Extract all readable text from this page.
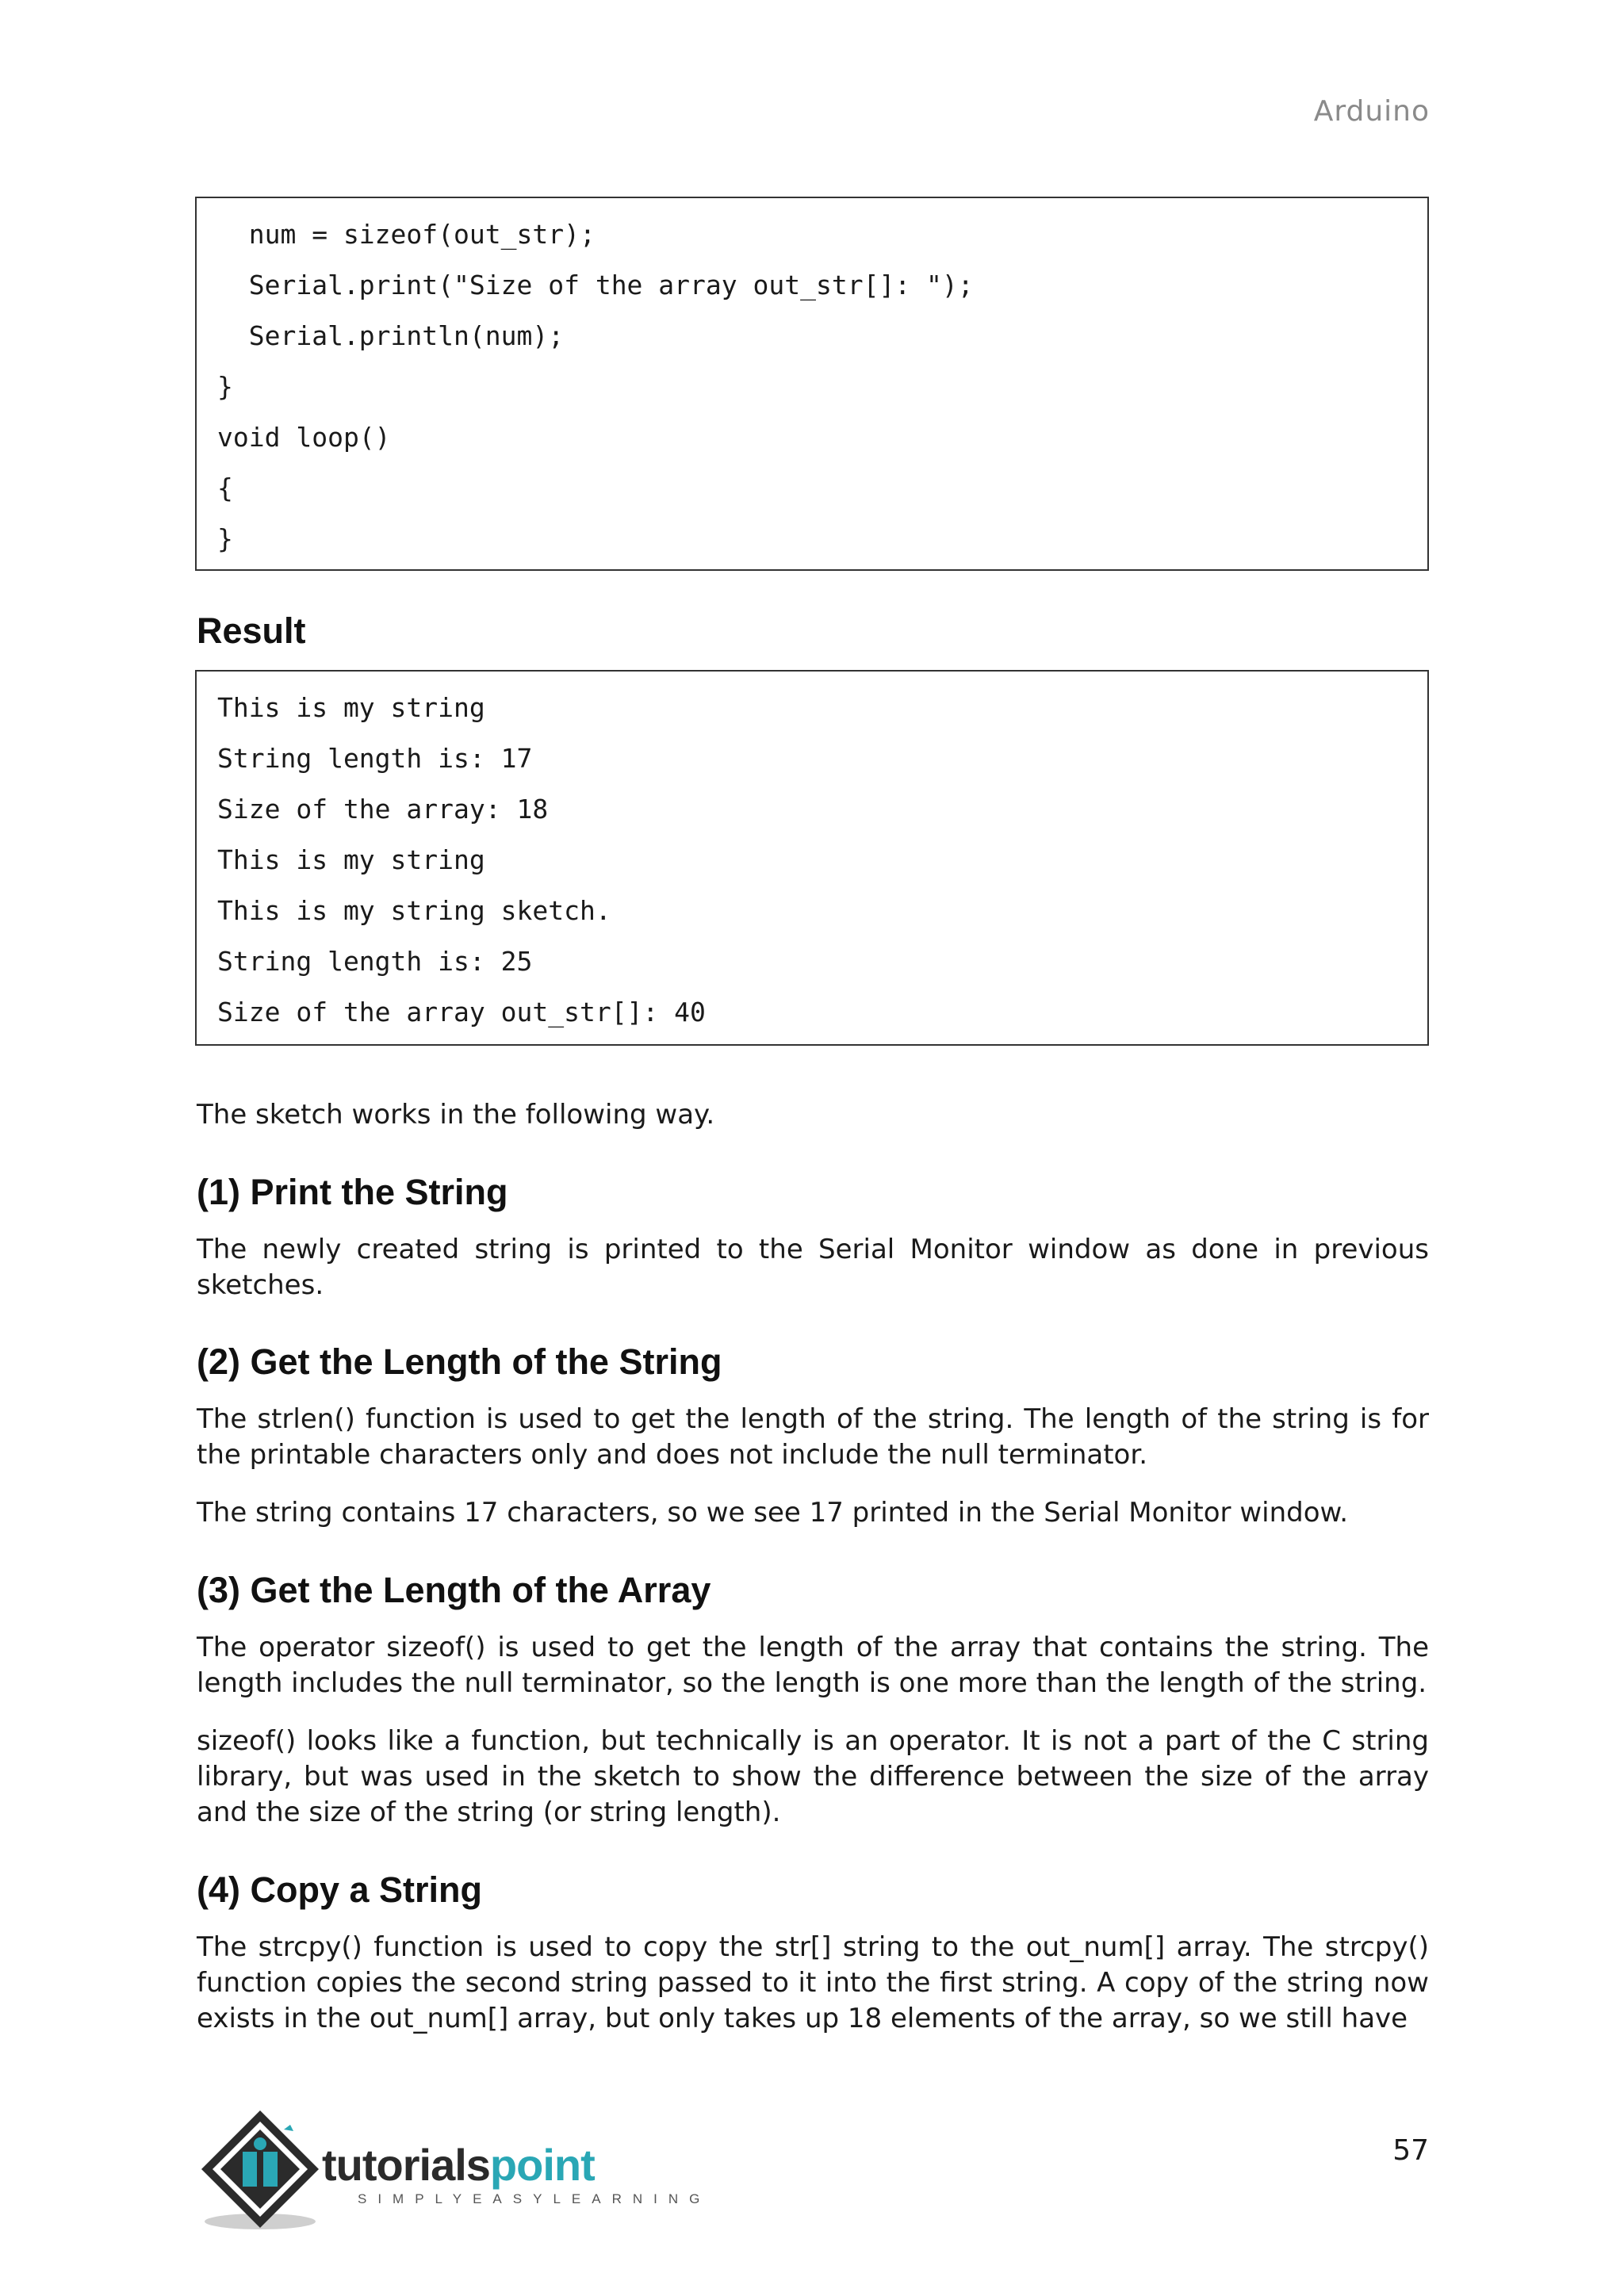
Arduino
num = sizeof(out_str);
Serial.print("Size of the array out_str[]: ");
Serial.println(num);
}
void loop()
{
}
Result
This is my string
String length is: 17
Size of the array: 18
This is my string
This is my string sketch.
String length is: 25
Size of the array out_str[]: 40
The sketch works in the following way.
(1) Print the String
The newly created string is printed to the Serial Monitor window as done in previous sketches.
(2) Get the Length of the String
The strlen() function is used to get the length of the string. The length of the string is for the printable characters only and does not include the null terminator.
The string contains 17 characters, so we see 17 printed in the Serial Monitor window.
(3) Get the Length of the Array
The operator sizeof() is used to get the length of the array that contains the string. The length includes the null terminator, so the length is one more than the length of the string.
sizeof() looks like a function, but technically is an operator. It is not a part of the C string library, but was used in the sketch to show the difference between the size of the array and the size of the string (or string length).
(4) Copy a String
The strcpy() function is used to copy the str[] string to the out_num[] array. The strcpy() function copies the second string passed to it into the first string. A copy of the string now exists in the out_num[] array, but only takes up 18 elements of the array, so we still have
tutorialspoint
SIMPLYEASYLEARNING
57
